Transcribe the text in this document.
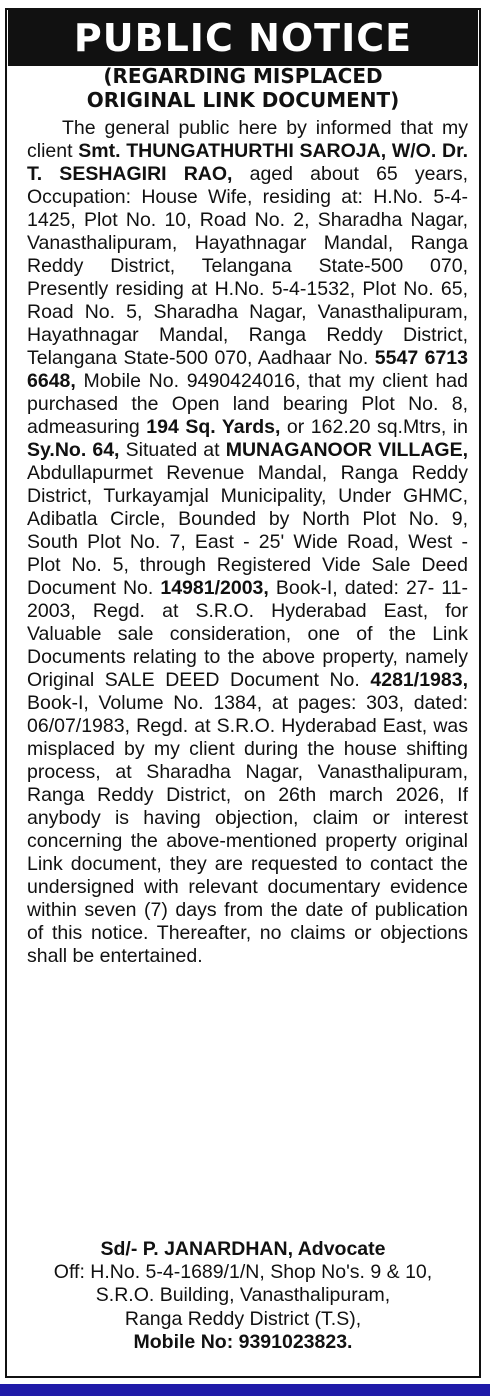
PUBLIC NOTICE
(REGARDING MISPLACED
ORIGINAL LINK DOCUMENT)
The general public here by informed that my client Smt. THUNGATHURTHI SAROJA, W/O. Dr. T. SESHAGIRI RAO, aged about 65 years, Occupation: House Wife, residing at: H.No. 5-4-1425, Plot No. 10, Road No. 2, Sharadha Nagar, Vanasthalipuram, Hayathnagar Mandal, Ranga Reddy District, Telangana State-500 070, Presently residing at H.No. 5-4-1532, Plot No. 65, Road No. 5, Sharadha Nagar, Vanasthalipuram, Hayathnagar Mandal, Ranga Reddy District, Telangana State-500 070, Aadhaar No. 5547 6713 6648, Mobile No. 9490424016, that my client had purchased the Open land bearing Plot No. 8, admeasuring 194 Sq. Yards, or 162.20 sq.Mtrs, in Sy.No. 64, Situated at MUNAGANOOR VILLAGE, Abdullapurmet Revenue Mandal, Ranga Reddy District, Turkayamjal Municipality, Under GHMC, Adibatla Circle, Bounded by North Plot No. 9, South Plot No. 7, East - 25' Wide Road, West - Plot No. 5, through Registered Vide Sale Deed Document No. 14981/2003, Book-I, dated: 27- 11-2003, Regd. at S.R.O. Hyderabad East, for Valuable sale consideration, one of the Link Documents relating to the above property, namely Original SALE DEED Document No. 4281/1983, Book-I, Volume No. 1384, at pages: 303, dated: 06/07/1983, Regd. at S.R.O. Hyderabad East, was misplaced by my client during the house shifting process, at Sharadha Nagar, Vanasthalipuram, Ranga Reddy District, on 26th march 2026, If anybody is having objection, claim or interest concerning the above-mentioned property original Link document, they are requested to contact the undersigned with relevant documentary evidence within seven (7) days from the date of publication of this notice. Thereafter, no claims or objections shall be entertained.
Sd/- P. JANARDHAN, Advocate
Off: H.No. 5-4-1689/1/N, Shop No's. 9 & 10,
S.R.O. Building, Vanasthalipuram,
Ranga Reddy District (T.S),
Mobile No: 9391023823.
